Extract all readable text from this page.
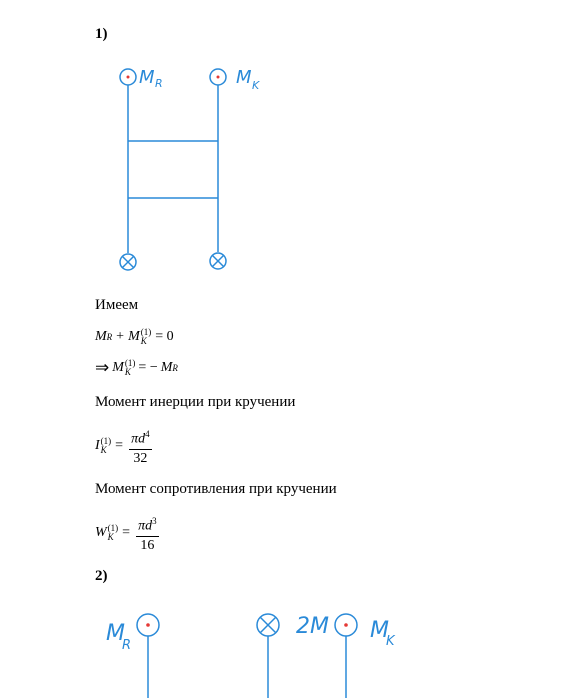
1)
M R	M K
Имеем
M R + M (1)
K = 0
⇒ M (1)
K = − M R
Момент инерции при кручении
I (1)
$K = \frac{\pi d^4}{32}$
Момент сопротивления при кручении
W (1)
$K = \frac{\pi d^3}{16}$
2)
M
R
2M M
K
